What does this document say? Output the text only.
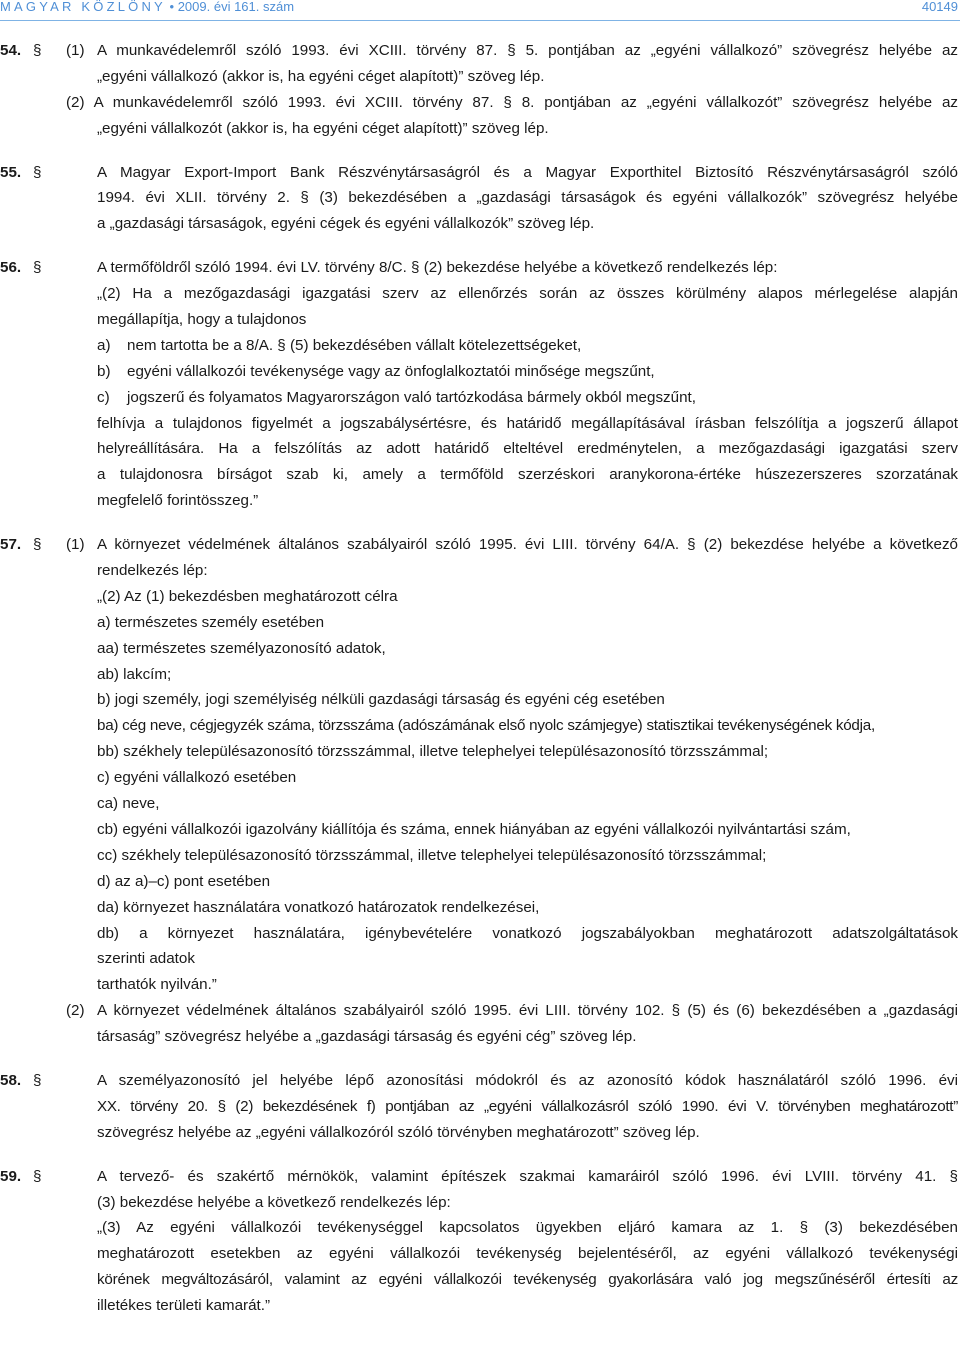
MAGYAR KÖZLÖNY • 2009. évi 161. szám	40149
54. § (1) A munkavédelemről szóló 1993. évi XCIII. törvény 87. § 5. pontjában az „egyéni vállalkozó” szövegrész helyébe az
„egyéni vállalkozó (akkor is, ha egyéni céget alapított)” szöveg lép.
(2) A munkavédelemről szóló 1993. évi XCIII. törvény 87. § 8. pontjában az „egyéni vállalkozót” szövegrész helyébe az
„egyéni vállalkozót (akkor is, ha egyéni céget alapított)” szöveg lép.
55. §	A Magyar Export-Import Bank Részvénytársaságról és a Magyar Exporthitel Biztosító Részvénytársaságról szóló
1994. évi XLII. törvény 2. § (3) bekezdésében a „gazdasági társaságok és egyéni vállalkozók” szövegrész helyébe
a „gazdasági társaságok, egyéni cégek és egyéni vállalkozók” szöveg lép.
56. §	A termőföldről szóló 1994. évi LV. törvény 8/C. § (2) bekezdése helyébe a következő rendelkezés lép:
„(2) Ha a mezőgazdasági igazgatási szerv az ellenőrzés során az összes körülmény alapos mérlegelése alapján
megállapítja, hogy a tulajdonos
a) nem tartotta be a 8/A. § (5) bekezdésében vállalt kötelezettségeket,
b) egyéni vállalkozói tevékenysége vagy az önfoglalkoztatói minősége megszűnt,
c) jogszerű és folyamatos Magyarországon való tartózkodása bármely okból megszűnt,
felhívja a tulajdonos figyelmét a jogszabálysértésre, és határidő megállapításával írásban felszólítja a jogszerű állapot
helyreállítására. Ha a felszólítás az adott határidő elteltével eredménytelen, a mezőgazdasági igazgatási szerv
a tulajdonosra bírságot szab ki, amely a termőföld szerzéskori aranykorona-értéke húszezerszeres szorzatának
megfelelő forintösszeg.”
57. § (1) A környezet védelmének általános szabályairól szóló 1995. évi LIII. törvény 64/A. § (2) bekezdése helyébe a következő
rendelkezés lép:
„(2) Az (1) bekezdésben meghatározott célra
a) természetes személy esetében
aa) természetes személyazonosító adatok,
ab) lakcím;
b) jogi személy, jogi személyiség nélküli gazdasági társaság és egyéni cég esetében
ba) cég neve, cégjegyzék száma, törzsszáma (adószámának első nyolc számjegye) statisztikai tevékenységének kódja,
bb) székhely településazonosító törzsszámmal, illetve telephelyei településazonosító törzsszámmal;
c) egyéni vállalkozó esetében
ca) neve,
cb) egyéni vállalkozói igazolvány kiállítója és száma, ennek hiányában az egyéni vállalkozói nyilvántartási szám,
cc) székhely településazonosító törzsszámmal, illetve telephelyei településazonosító törzsszámmal;
d) az a)–c) pont esetében
da) környezet használatára vonatkozó határozatok rendelkezései,
db) a környezet használatára, igénybevételére vonatkozó jogszabályokban meghatározott adatszolgáltatások
szerinti adatok
tarthatók nyilván.”
(2) A környezet védelmének általános szabályairól szóló 1995. évi LIII. törvény 102. § (5) és (6) bekezdésében a „gazdasági
társaság” szövegrész helyébe a „gazdasági társaság és egyéni cég” szöveg lép.
58. §	A személyazonosító jel helyébe lépő azonosítási módokról és az azonosító kódok használatáról szóló 1996. évi
XX. törvény 20. § (2) bekezdésének f) pontjában az „egyéni vállalkozásról szóló 1990. évi V. törvényben meghatározott”
szövegrész helyébe az „egyéni vállalkozóról szóló törvényben meghatározott” szöveg lép.
59. §	A tervező- és szakértő mérnökök, valamint építészek szakmai kamaráiról szóló 1996. évi LVIII. törvény 41. §
(3) bekezdése helyébe a következő rendelkezés lép:
„(3) Az egyéni vállalkozói tevékenységgel kapcsolatos ügyekben eljáró kamara az 1. § (3) bekezdésében
meghatározott esetekben az egyéni vállalkozói tevékenység bejelentéséről, az egyéni vállalkozó tevékenységi
körének megváltozásáról, valamint az egyéni vállalkozói tevékenység gyakorlására való jog megszűnéséről értesíti az
illetékes területi kamarát.”
